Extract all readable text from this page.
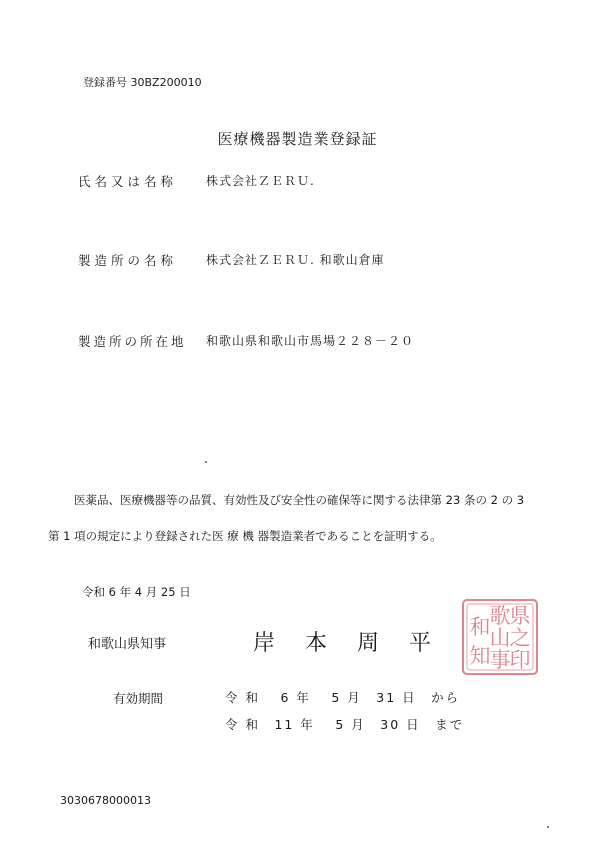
登録番号 30BZ200010
医療機器製造業登録証
氏名又は名称 株式会社ＺＥＲＵ.
製造所の名称 株式会社ＺＥＲＵ. 和歌山倉庫
製造所の所在地 和歌山県和歌山市馬場２２８－２０
医薬品、医療機器等の品質、有効性及び安全性の確保等に関する法律第 23 条の 2 の 3
第 1 項の規定により登録された医 療 機 器製造業者であることを証明する。
令和 6 年 4 月 25 日
和歌山県知事	岸本周平
県
之
印
歌
山
事
和
知
有効期間	令 和　 6 年　 5 月　31 日　から
令 和　11 年　 5 月　30 日　まで
3030678000013
